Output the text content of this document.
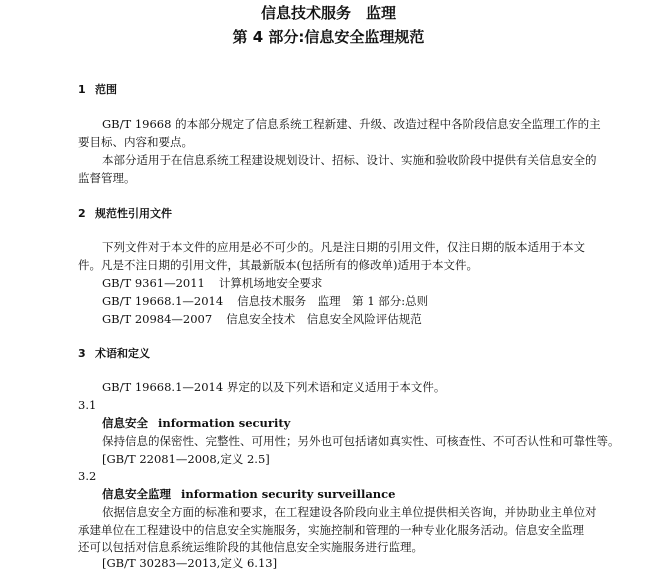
信息技术服务　监理
第 4 部分:信息安全监理规范
1 范围
GB/T 19668 的本部分规定了信息系统工程新建、升级、改造过程中各阶段信息安全监理工作的主
要目标、内容和要点。
本部分适用于在信息系统工程建设规划设计、招标、设计、实施和验收阶段中提供有关信息安全的
监督管理。
2 规范性引用文件
下列文件对于本文件的应用是必不可少的。凡是注日期的引用文件，仅注日期的版本适用于本文
件。凡是不注日期的引用文件，其最新版本(包括所有的修改单)适用于本文件。
GB/T 9361—2011 计算机场地安全要求
GB/T 19668.1—2014 信息技术服务　监理　第 1 部分:总则
GB/T 20984—2007 信息安全技术　信息安全风险评估规范
3 术语和定义
GB/T 19668.1—2014 界定的以及下列术语和定义适用于本文件。
3.1
信息安全 information security
保持信息的保密性、完整性、可用性；另外也可包括诸如真实性、可核查性、不可否认性和可靠性等。
[GB/T 22081—2008,定义 2.5]
3.2
信息安全监理 information security surveillance
依据信息安全方面的标准和要求，在工程建设各阶段向业主单位提供相关咨询，并协助业主单位对
承建单位在工程建设中的信息安全实施服务，实施控制和管理的一种专业化服务活动。信息安全监理
还可以包括对信息系统运维阶段的其他信息安全实施服务进行监理。
[GB/T 30283—2013,定义 6.13]
